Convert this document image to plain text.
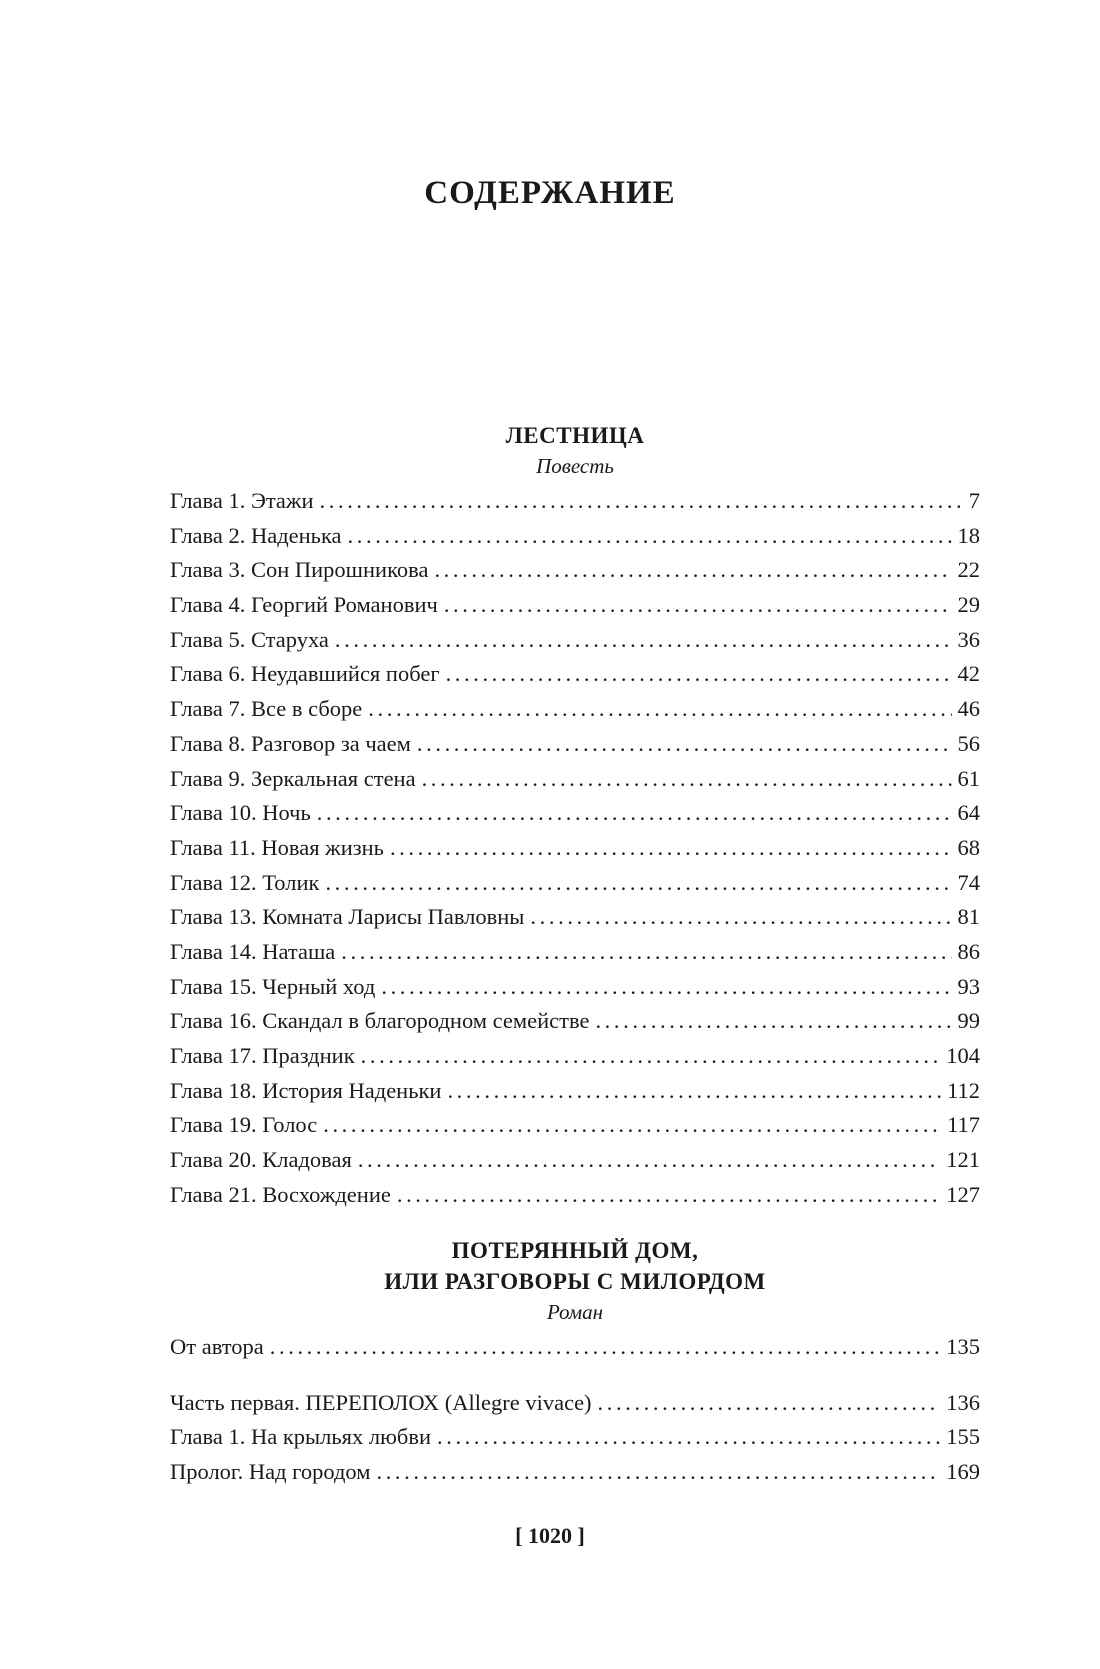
СОДЕРЖАНИЕ

ЛЕСТНИЦА

Повесть

Глава 1. Этажи .....	7
Глава 2. Наденька .....	18
Глава 3. Сон Пирошникова .....	22
Глава 4. Георгий Романович .....	29
Глава 5. Старуха .....	36
Глава 6. Неудавшийся побег .....	42
Глава 7. Все в сборе .....	46
Глава 8. Разговор за чаем .....	56
Глава 9. Зеркальная стена .....	61
Глава 10. Ночь .....	64
Глава 11. Новая жизнь .....	68
Глава 12. Толик .....	74
Глава 13. Комната Ларисы Павловны .....	81
Глава 14. Наташа .....	86
Глава 15. Черный ход .....	93
Глава 16. Скандал в благородном семействе .....	99
Глава 17. Праздник .....	104
Глава 18. История Наденьки .....	112
Глава 19. Голос .....	117
Глава 20. Кладовая .....	121
Глава 21. Восхождение .....	127

ПОТЕРЯННЫЙ ДОМ,

ИЛИ РАЗГОВОРЫ С МИЛОРДОМ

Роман

От автора .....	135
Часть первая. ПЕРЕПОЛОХ (Allegre vivace) .....	136
Глава 1. На крыльях любви .....	155
Пролог. Над городом .....	169
[ 1020 ]
